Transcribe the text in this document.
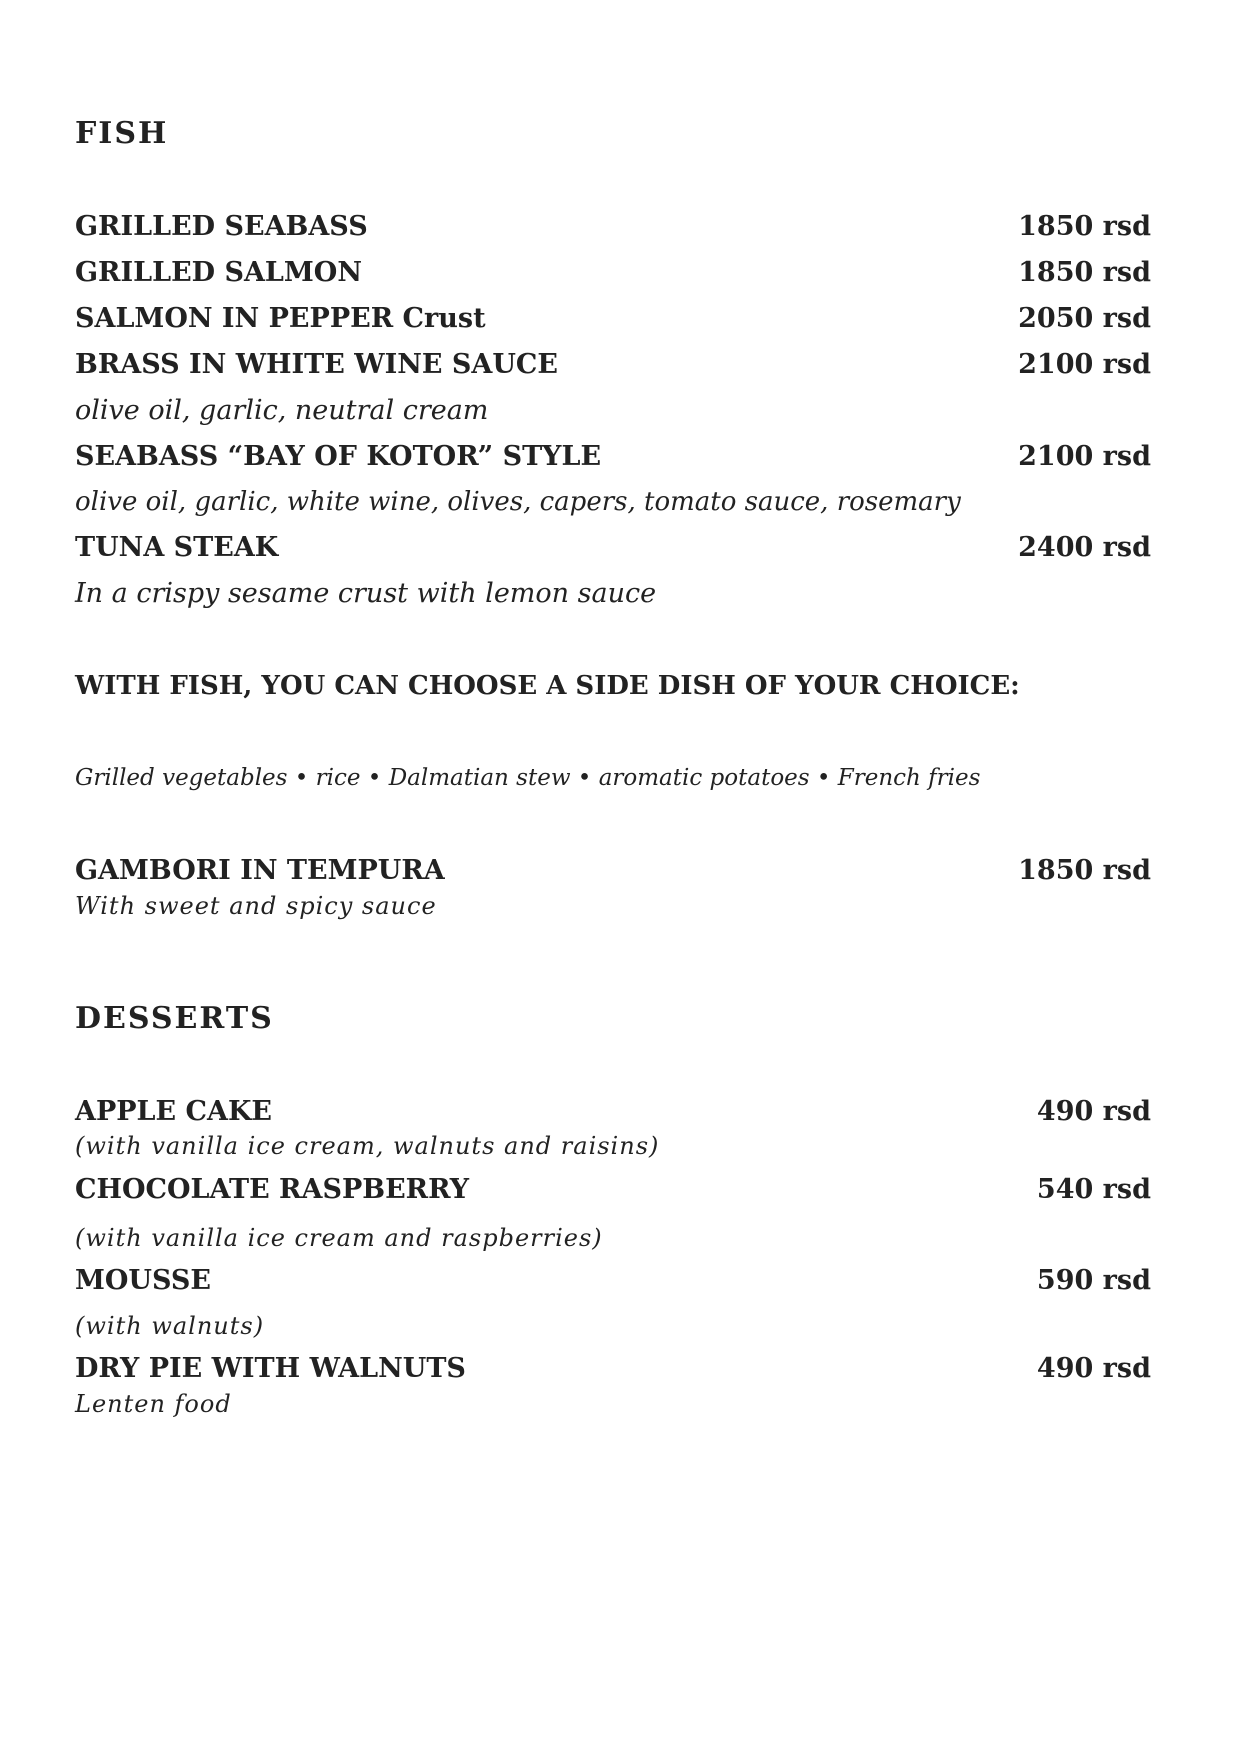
FISH
GRILLED SEABASS	1850 rsd
GRILLED SALMON	1850 rsd
SALMON IN PEPPER Crust	2050 rsd
BRASS IN WHITE WINE SAUCE	2100 rsd
olive oil, garlic, neutral cream
SEABASS “BAY OF KOTOR” STYLE	2100 rsd
olive oil, garlic, white wine, olives, capers, tomato sauce, rosemary
TUNA STEAK	2400 rsd
In a crispy sesame crust with lemon sauce
WITH FISH, YOU CAN CHOOSE A SIDE DISH OF YOUR CHOICE:
Grilled vegetables • rice • Dalmatian stew • aromatic potatoes • French fries
GAMBORI IN TEMPURA	1850 rsd
With sweet and spicy sauce
DESSERTS
APPLE CAKE	490 rsd
(with vanilla ice cream, walnuts and raisins)
CHOCOLATE RASPBERRY	540 rsd
(with vanilla ice cream and raspberries)
MOUSSE	590 rsd
(with walnuts)
DRY PIE WITH WALNUTS	490 rsd
Lenten food
